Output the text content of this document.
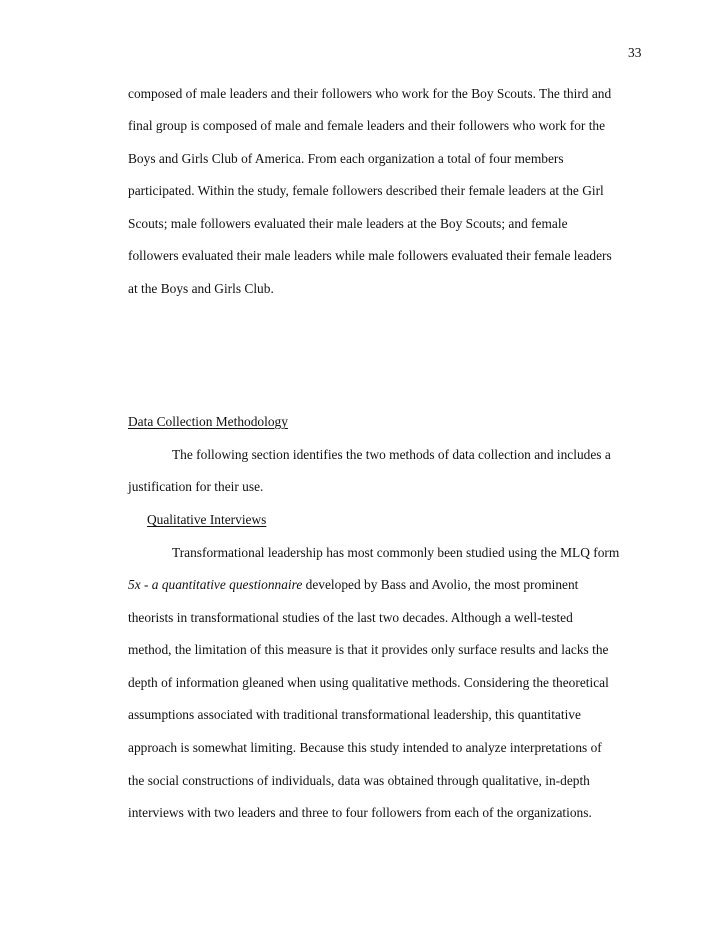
33
composed of male leaders and their followers who work for the Boy Scouts. The third and
final group is composed of male and female leaders and their followers who work for the
Boys and Girls Club of America. From each organization a total of four members
participated. Within the study, female followers described their female leaders at the Girl
Scouts; male followers evaluated their male leaders at the Boy Scouts; and female
followers evaluated their male leaders while male followers evaluated their female leaders
at the Boys and Girls Club.
Data Collection Methodology
The following section identifies the two methods of data collection and includes a
justification for their use.
Qualitative Interviews
Transformational leadership has most commonly been studied using the MLQ form
5x - a quantitative questionnaire developed by Bass and Avolio, the most prominent
theorists in transformational studies of the last two decades. Although a well-tested
method, the limitation of this measure is that it provides only surface results and lacks the
depth of information gleaned when using qualitative methods. Considering the theoretical
assumptions associated with traditional transformational leadership, this quantitative
approach is somewhat limiting. Because this study intended to analyze interpretations of
the social constructions of individuals, data was obtained through qualitative, in-depth
interviews with two leaders and three to four followers from each of the organizations.
